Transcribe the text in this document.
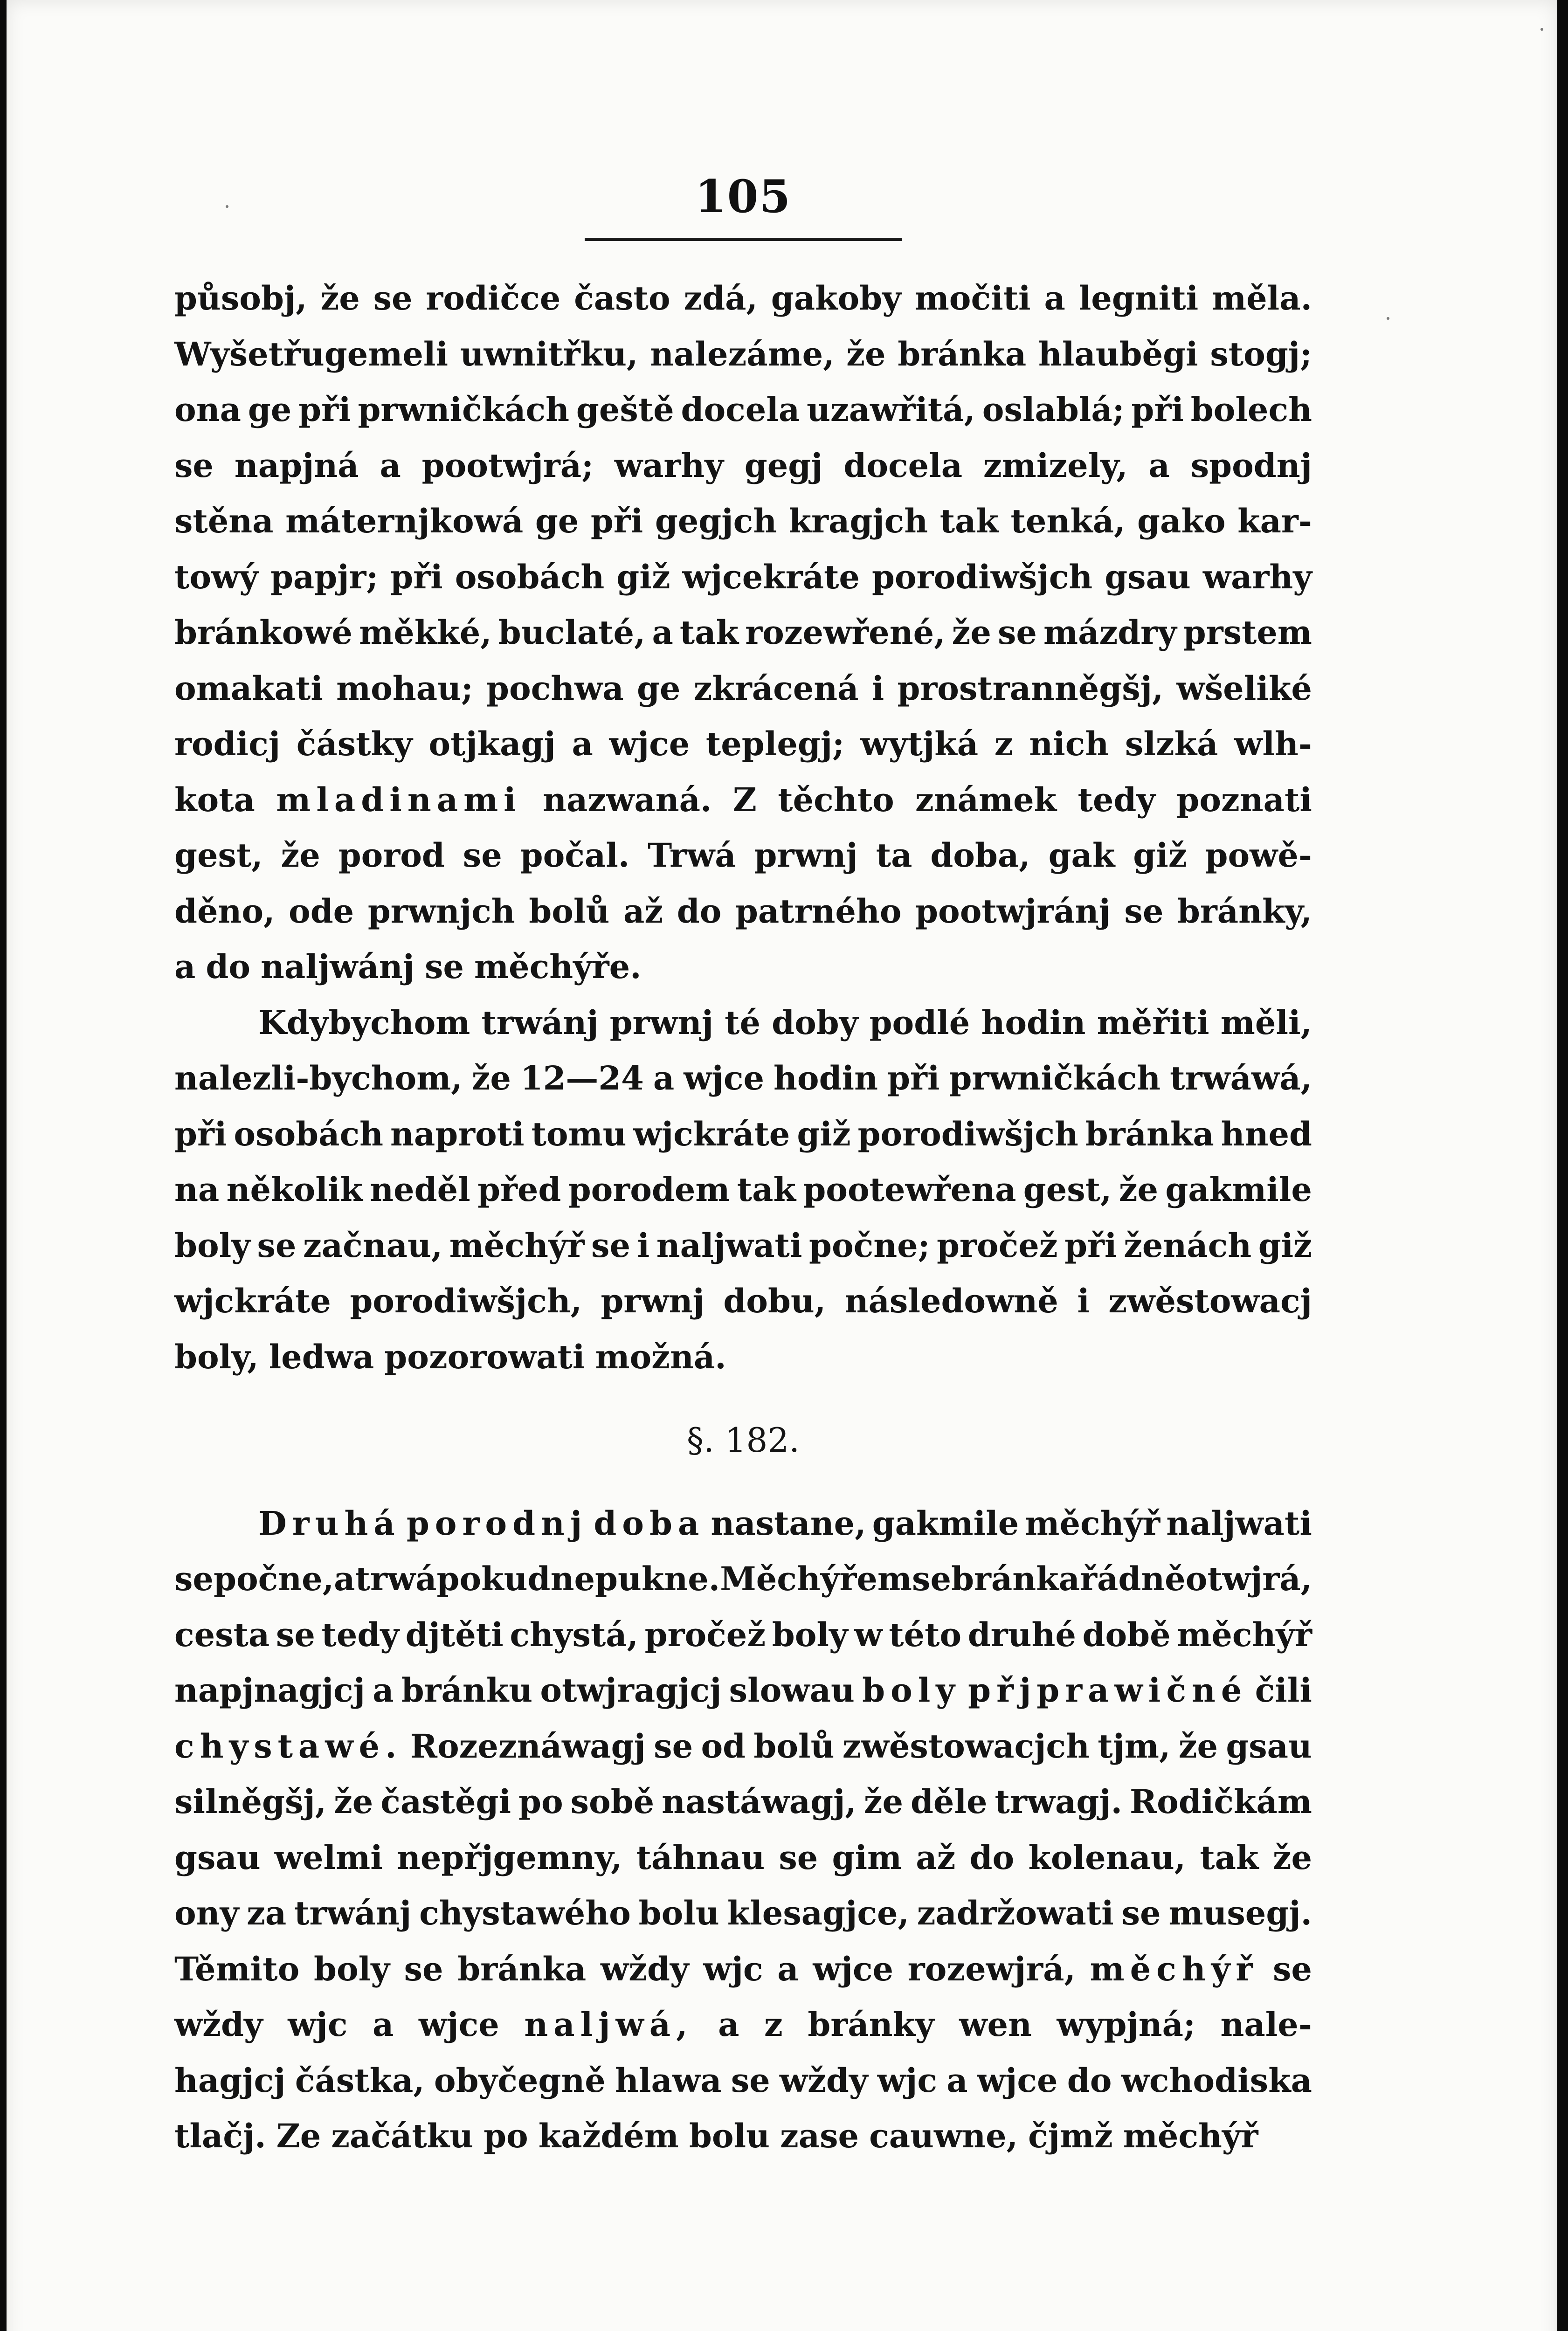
105
působj, že se rodičce často zdá, gakoby močiti a legniti měla.
Wyšetřugemeli uwnitřku, nalezáme, že bránka hlauběgi stogj;
ona ge při prwničkách geště docela uzawřitá, oslablá; při bolech
se napjná a pootwjrá; warhy gegj docela zmizely, a spodnj
stěna máternjkowá ge při gegjch kragjch tak tenká, gako kar-
towý papjr; při osobách giž wjcekráte porodiwšjch gsau warhy
bránkowé měkké, buclaté, a tak rozewřené, že se mázdry prstem
omakati mohau; pochwa ge zkrácená i prostranněgšj, wšeliké
rodicj částky otjkagj a wjce teplegj; wytjká z nich slzká wlh-
kota mladinami nazwaná. Z těchto známek tedy poznati
gest, že porod se počal. Trwá prwnj ta doba, gak giž powě-
děno, ode prwnjch bolů až do patrného pootwjránj se bránky,
a do naljwánj se měchýře.
Kdybychom trwánj prwnj té doby podlé hodin měřiti měli,
nalezli-bychom, že 12—24 a wjce hodin při prwničkách trwáwá,
při osobách naproti tomu wjckráte giž porodiwšjch bránka hned
na několik neděl před porodem tak pootewřena gest, že gakmile
boly se začnau, měchýř se i naljwati počne; pročež při ženách giž
wjckráte porodiwšjch, prwnj dobu, následowně i zwěstowacj
boly, ledwa pozorowati možná.
§. 182.
Druhá porodnj doba nastane, gakmile měchýř naljwati
se počne, a trwá pokud nepukne. Měchýřem se bránka řádně otwjrá,
cesta se tedy djtěti chystá, pročež boly w této druhé době měchýř
napjnagjcj a bránku otwjragjcj slowau boly přjprawičné čili
chystawé. Rozeznáwagj se od bolů zwěstowacjch tjm, že gsau
silněgšj, že častěgi po sobě nastáwagj, že děle trwagj. Rodičkám
gsau welmi nepřjgemny, táhnau se gim až do kolenau, tak že
ony za trwánj chystawého bolu klesagjce, zadržowati se musegj.
Těmito boly se bránka wždy wjc a wjce rozewjrá, měchýř se
wždy wjc a wjce naljwá, a z bránky wen wypjná; nale-
hagjcj částka, obyčegně hlawa se wždy wjc a wjce do wchodiska
tlačj. Ze začátku po každém bolu zase cauwne, čjmž měchýř
